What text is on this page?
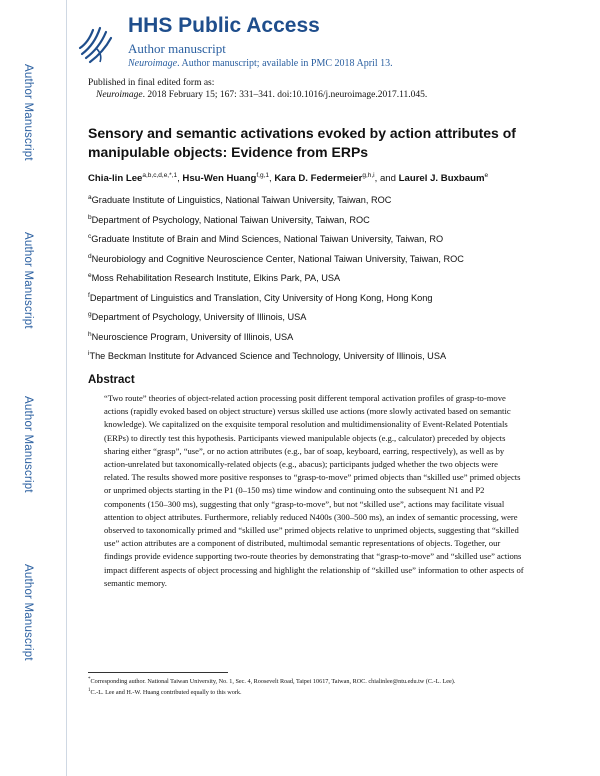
Author Manuscript
Author Manuscript
Author Manuscript
Author Manuscript
HHS Public Access
Author manuscript
Neuroimage. Author manuscript; available in PMC 2018 April 13.
Published in final edited form as:
Neuroimage. 2018 February 15; 167: 331–341. doi:10.1016/j.neuroimage.2017.11.045.
Sensory and semantic activations evoked by action attributes of manipulable objects: Evidence from ERPs
Chia-lin Lee$^{a,b,c,d,e,*,1}$, Hsu-Wen Huang$^{f,g,1}$, Kara D. Federmeier$^{g,h,i}$, and Laurel J. Buxbaum$^e$
$^a$Graduate Institute of Linguistics, National Taiwan University, Taiwan, ROC
$^b$Department of Psychology, National Taiwan University, Taiwan, ROC
$^c$Graduate Institute of Brain and Mind Sciences, National Taiwan University, Taiwan, RO
$^d$Neurobiology and Cognitive Neuroscience Center, National Taiwan University, Taiwan, ROC
$^e$Moss Rehabilitation Research Institute, Elkins Park, PA, USA
$^f$Department of Linguistics and Translation, City University of Hong Kong, Hong Kong
$^g$Department of Psychology, University of Illinois, USA
$^h$Neuroscience Program, University of Illinois, USA
$^i$The Beckman Institute for Advanced Science and Technology, University of Illinois, USA
Abstract
“Two route” theories of object-related action processing posit different temporal activation profiles of grasp-to-move actions (rapidly evoked based on object structure) versus skilled use actions (more slowly activated based on semantic knowledge). We capitalized on the exquisite temporal resolution and multidimensionality of Event-Related Potentials (ERPs) to directly test this hypothesis. Participants viewed manipulable objects (e.g., calculator) preceded by objects sharing either “grasp”, “use”, or no action attributes (e.g., bar of soap, keyboard, earring, respectively), as well as by action-unrelated but taxonomically-related objects (e.g., abacus); participants judged whether the two objects were related. The results showed more positive responses to “grasp-to-move” primed objects than “skilled use” primed objects or unprimed objects starting in the P1 (0–150 ms) time window and continuing onto the subsequent N1 and P2 components (150–300 ms), suggesting that only “grasp-to-move”, but not “skilled use”, actions may facilitate visual attention to object attributes. Furthermore, reliably reduced N400s (300–500 ms), an index of semantic processing, were observed to taxonomically primed and “skilled use” primed objects relative to unprimed objects, suggesting that “skilled use” action attributes are a component of distributed, multimodal semantic representations of objects. Together, our findings provide evidence supporting two-route theories by demonstrating that “grasp-to-move” and “skilled use” actions impact different aspects of object processing and highlight the relationship of “skilled use” information to other aspects of semantic memory.
*Corresponding author. National Taiwan University, No. 1, Sec. 4, Roosevelt Road, Taipei 10617, Taiwan, ROC. chialinlee@ntu.edu.tw (C.-L. Lee).
$^1$C.-L. Lee and H.-W. Huang contributed equally to this work.
